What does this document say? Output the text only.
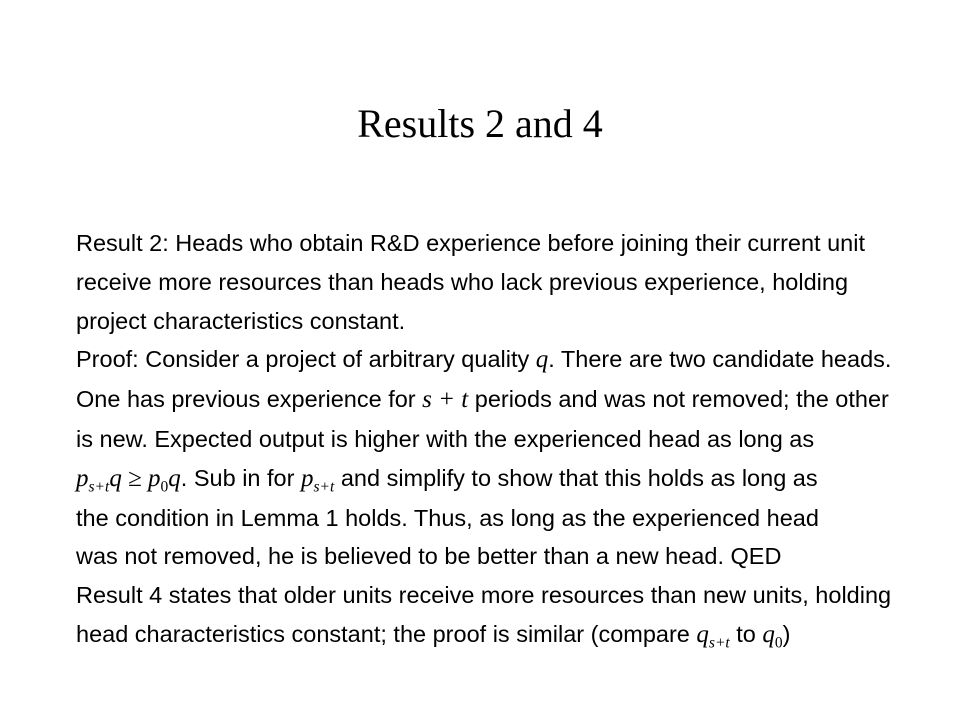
Results 2 and 4
Result 2: Heads who obtain R&D experience before joining their current unit
receive more resources than heads who lack previous experience, holding
project characteristics constant.
Proof: Consider a project of arbitrary quality q. There are two candidate heads.
One has previous experience for s + t periods and was not removed; the other
is new. Expected output is higher with the experienced head as long as
$p_{s+t}q \ge p_0q$. Sub in for $p_{s+t}$ and simplify to show that this holds as long as
the condition in Lemma 1 holds. Thus, as long as the experienced head
was not removed, he is believed to be better than a new head. QED
Result 4 states that older units receive more resources than new units, holding
head characteristics constant; the proof is similar (compare $q_{s+t}$ to $q_0$)
